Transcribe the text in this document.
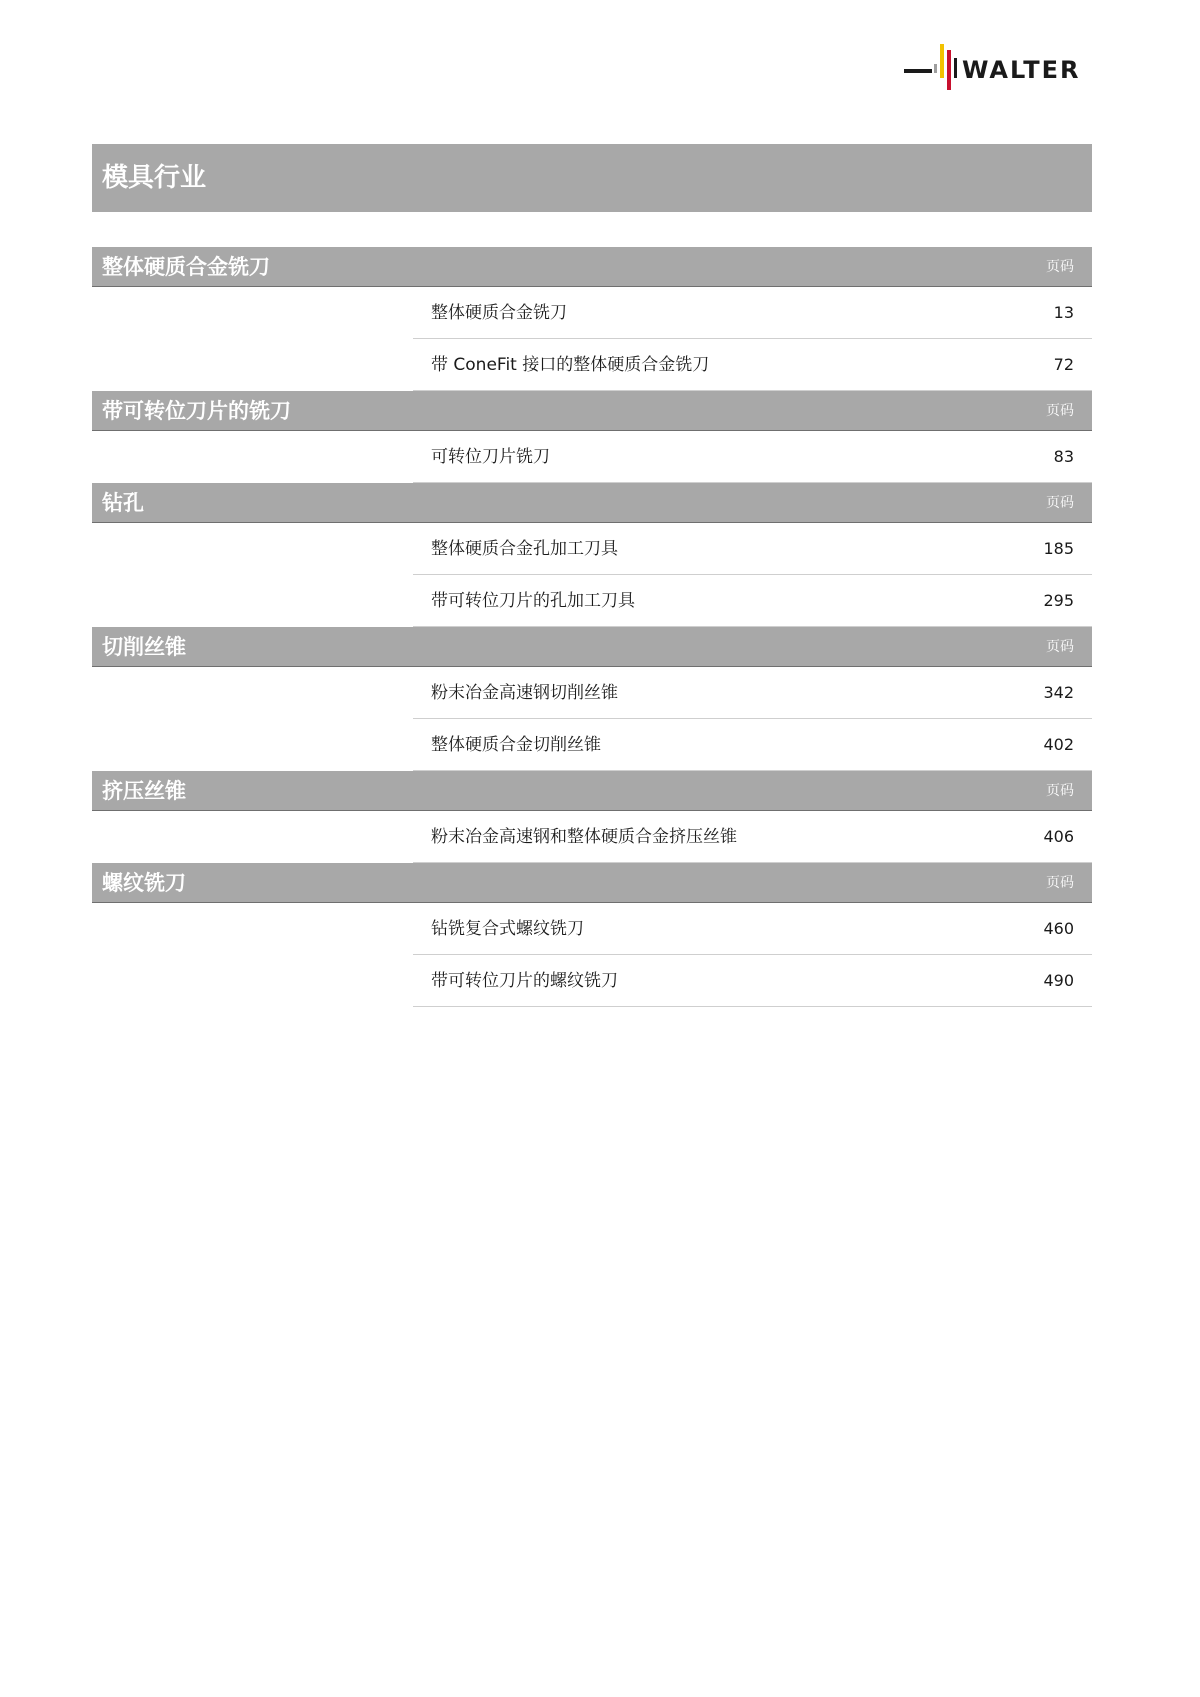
WALTER
模具行业
整体硬质合金铣刀	页码
整体硬质合金铣刀	13
带 ConeFit 接口的整体硬质合金铣刀	72
带可转位刀片的铣刀	页码
可转位刀片铣刀	83
钻孔	页码
整体硬质合金孔加工刀具	185
带可转位刀片的孔加工刀具	295
切削丝锥	页码
粉末冶金高速钢切削丝锥	342
整体硬质合金切削丝锥	402
挤压丝锥	页码
粉末冶金高速钢和整体硬质合金挤压丝锥	406
螺纹铣刀	页码
钻铣复合式螺纹铣刀	460
带可转位刀片的螺纹铣刀	490
